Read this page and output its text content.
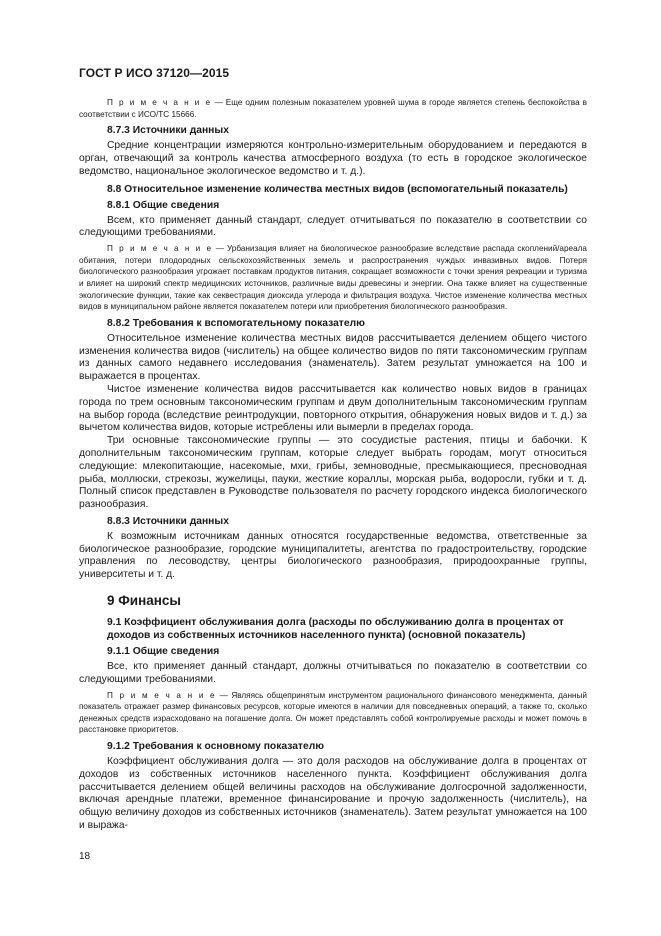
ГОСТ Р ИСО 37120—2015

П р и м е ч а н и е — Еще одним полезным показателем уровней шума в городе является степень беспокойства в соответствии с ИСО/ТС 15666.

8.7.3 Источники данных

Средние концентрации измеряются контрольно-измерительным оборудованием и передаются в орган, отвечающий за контроль качества атмосферного воздуха (то есть в городское экологическое ведомство, национальное экологическое ведомство и т. д.).

8.8 Относительное изменение количества местных видов (вспомогательный показатель)
8.8.1 Общие сведения

Всем, кто применяет данный стандарт, следует отчитываться по показателю в соответствии со следующими требованиями.

П р и м е ч а н и е — Урбанизация влияет на биологическое разнообразие вследствие распада скоплений/ареала обитания, потери плодородных сельскохозяйственных земель и распространения чуждых инвазивных видов. Потеря биологического разнообразия угрожает поставкам продуктов питания, сокращает возможности с точки зрения рекреации и туризма и влияет на широкий спектр медицинских источников, различные виды древесины и энергии. Она также влияет на существенные экологические функции, такие как секвестрация диоксида углерода и фильтрация воздуха. Чистое изменение количества местных видов в муниципальном районе является показателем потери или приобретения биологического разнообразия.

8.8.2 Требования к вспомогательному показателю

Относительное изменение количества местных видов рассчитывается делением общего чистого изменения количества видов (числитель) на общее количество видов по пяти таксономическим группам из данных самого недавнего исследования (знаменатель). Затем результат умножается на 100 и выражается в процентах.

Чистое изменение количества видов рассчитывается как количество новых видов в границах города по трем основным таксономическим группам и двум дополнительным таксономическим группам на выбор города (вследствие реинтродукции, повторного открытия, обнаружения новых видов и т. д.) за вычетом количества видов, которые истреблены или вымерли в пределах города.

Три основные таксономические группы — это сосудистые растения, птицы и бабочки. К дополнительным таксономическим группам, которые следует выбрать городам, могут относиться следующие: млекопитающие, насекомые, мхи, грибы, земноводные, пресмыкающиеся, пресноводная рыба, моллюски, стрекозы, жужелицы, пауки, жесткие кораллы, морская рыба, водоросли, губки и т. д. Полный список представлен в Руководстве пользователя по расчету городского индекса биологического разнообразия.

8.8.3 Источники данных

К возможным источникам данных относятся государственные ведомства, ответственные за биологическое разнообразие, городские муниципалитеты, агентства по градостроительству, городские управления по лесоводству, центры биологического разнообразия, природоохранные группы, университеты и т. д.

9 Финансы
9.1 Коэффициент обслуживания долга (расходы по обслуживанию долга в процентах от доходов из собственных источников населенного пункта) (основной показатель)
9.1.1 Общие сведения

Все, кто применяет данный стандарт, должны отчитываться по показателю в соответствии со следующими требованиями.

П р и м е ч а н и е — Являясь общепринятым инструментом рационального финансового менеджмента, данный показатель отражает размер финансовых ресурсов, которые имеются в наличии для повседневных операций, а также то, сколько денежных средств израсходовано на погашение долга. Он может представлять собой контролируемые расходы и может помочь в расстановке приоритетов.

9.1.2 Требования к основному показателю

Коэффициент обслуживания долга — это доля расходов на обслуживание долга в процентах от доходов из собственных источников населенного пункта. Коэффициент обслуживания долга рассчитывается делением общей величины расходов на обслуживание долгосрочной задолженности, включая арендные платежи, временное финансирование и прочую задолженность (числитель), на общую величину доходов из собственных источников (знаменатель). Затем результат умножается на 100 и выража-

18
